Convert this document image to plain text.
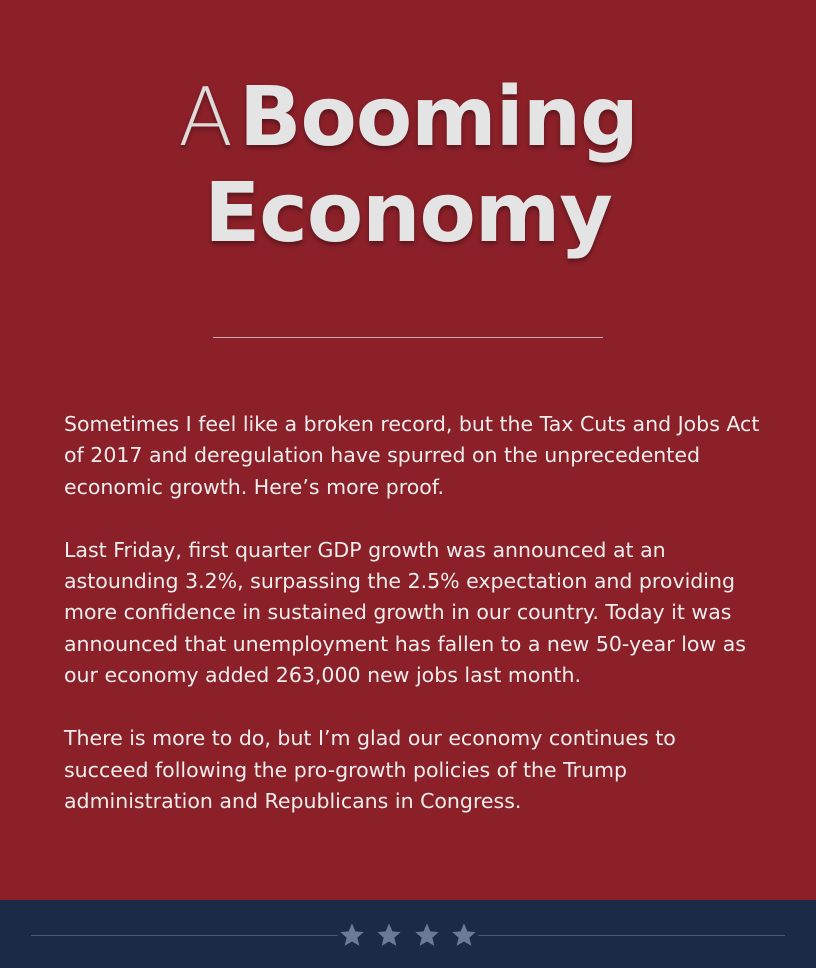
A Booming
Economy

Sometimes I feel like a broken record, but the Tax Cuts and Jobs Act of 2017 and deregulation have spurred on the unprecedented economic growth. Here’s more proof.

Last Friday, first quarter GDP growth was announced at an astounding 3.2%, surpassing the 2.5% expectation and providing more confidence in sustained growth in our country. Today it was announced that unemployment has fallen to a new 50-year low as our economy added 263,000 new jobs last month.

There is more to do, but I’m glad our economy continues to succeed following the pro-growth policies of the Trump administration and Republicans in Congress.
